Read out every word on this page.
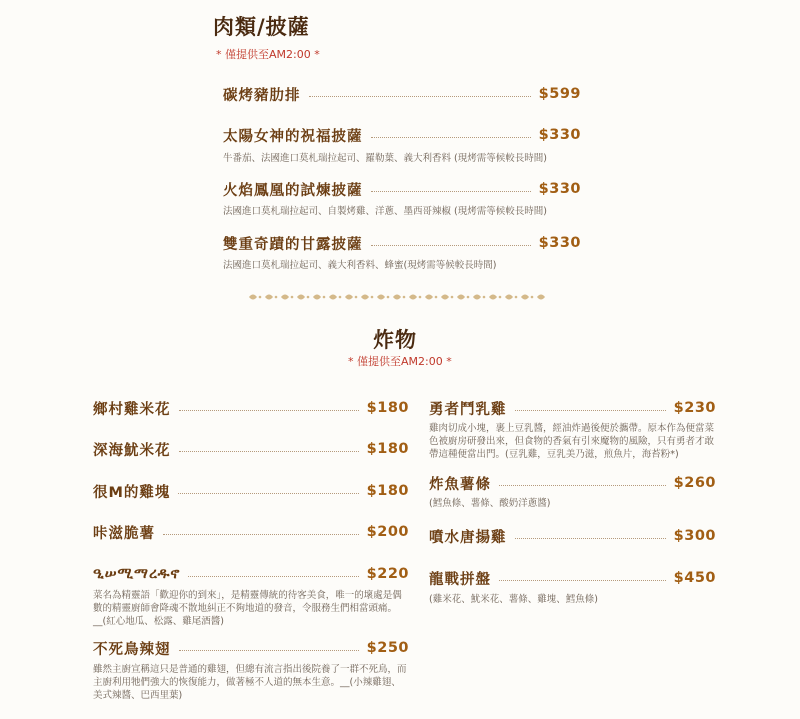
肉類/披薩
* 僅提供至AM2:00 *
碳烤豬肋排	$599
太陽女神的祝福披薩	$330
牛番茄、法國進口莫札瑞拉起司、羅勒葉、義大利香料 (現烤需等候較長時間)
火焰鳳凰的試煉披薩	$330
法國進口莫札瑞拉起司、自製烤雞、洋蔥、墨西哥辣椒 (現烤需等候較長時間)
雙重奇蹟的甘露披薩	$330
法國進口莫札瑞拉起司、義大利香料、蜂蜜(現烤需等候較長時間)
炸物
* 僅提供至AM2:00 *
鄉村雞米花	$180
深海魷米花	$180
很M的雞塊	$180
咔滋脆薯	$200
ዒሠሚማረዱኖ	$220
菜名為精靈語「歡迎你的到來」，是精靈傳統的待客美食，唯一的壞處是偶數的精靈廚師會降魂不散地糾正不夠地道的發音，令服務生們相當頭痛。__(紅心地瓜、松露、雞尾酒醬)
不死鳥辣翅	$250
雖然主廚宣稱這只是普通的雞翅，但總有流言指出後院養了一群不死鳥，而主廚利用牠們強大的恢復能力，做著極不人道的無本生意。__(小辣雞翅、美式辣醬、巴西里葉)
勇者鬥乳雞	$230
雞肉切成小塊，裹上豆乳醬，經油炸過後便於攜帶。原本作為便當菜色被廚房研發出來，但食物的香氣有引來魔物的風險，只有勇者才敢帶這種便當出門。(豆乳雞，豆乳美乃滋，煎魚片，海苔粉*)
炸魚薯條	$260
(鱈魚條、薯條、酸奶洋蔥醬)
噴水唐揚雞	$300
龍戰拼盤	$450
(雞米花、魷米花、薯條、雞塊、鱈魚條)
